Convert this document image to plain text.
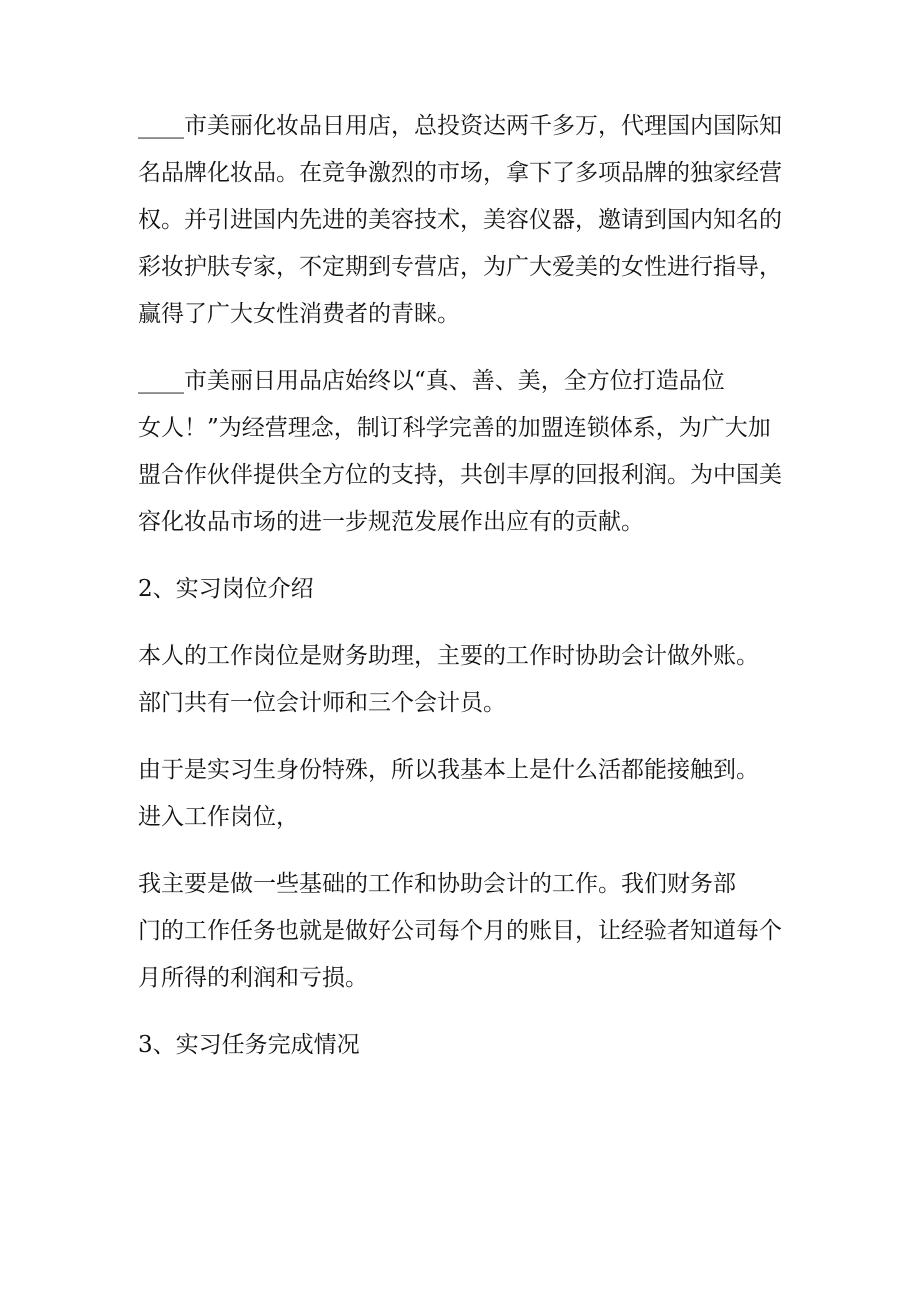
____市美丽化妆品日用店，总投资达两千多万，代理国内国际知
名品牌化妆品。在竞争激烈的市场，拿下了多项品牌的独家经营
权。并引进国内先进的美容技术，美容仪器，邀请到国内知名的
彩妆护肤专家，不定期到专营店，为广大爱美的女性进行指导，
赢得了广大女性消费者的青睐。

____市美丽日用品店始终以“真、善、美，全方位打造品位
女人！”为经营理念，制订科学完善的加盟连锁体系，为广大加
盟合作伙伴提供全方位的支持，共创丰厚的回报利润。为中国美
容化妆品市场的进一步规范发展作出应有的贡献。

2、实习岗位介绍

本人的工作岗位是财务助理，主要的工作时协助会计做外账。
部门共有一位会计师和三个会计员。

由于是实习生身份特殊，所以我基本上是什么活都能接触到。
进入工作岗位，

我主要是做一些基础的工作和协助会计的工作。我们财务部
门的工作任务也就是做好公司每个月的账目，让经验者知道每个
月所得的利润和亏损。

3、实习任务完成情况
